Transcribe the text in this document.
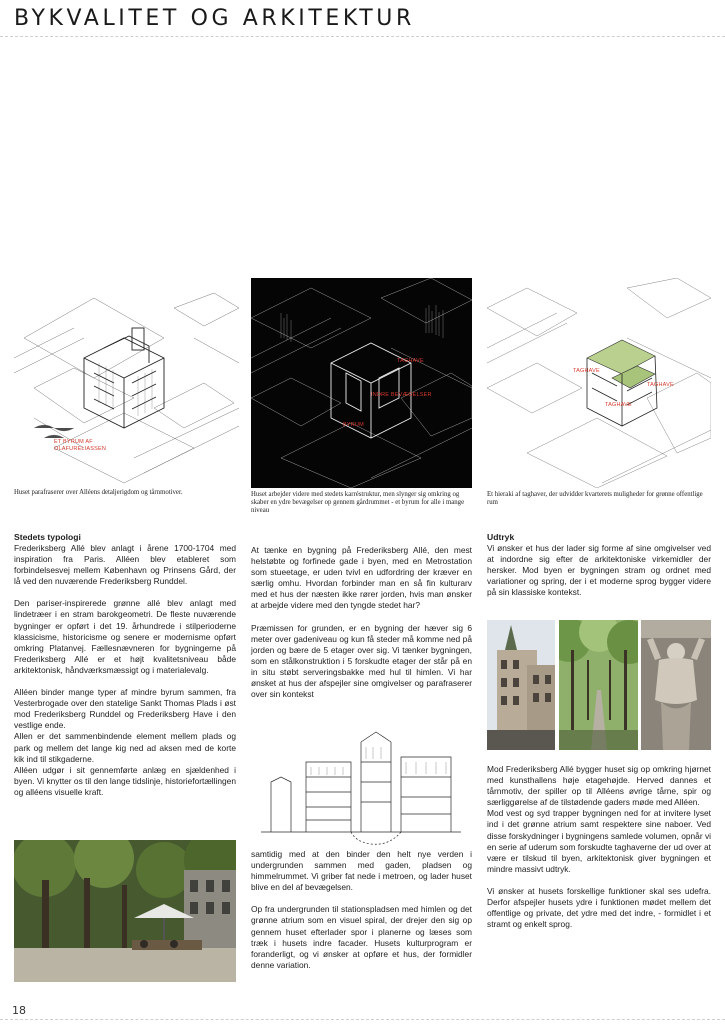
BYKVALITET OG ARKITEKTUR
ET BYRUM AF
OLAFURELIASSEN
Huset parafraserer over Alléens detaljerigdom og tårnmotiver.
TAGHAVE
INDRE BEVÆGELSER
BYRUM
Huset arbejder videre med stedets karréstruktur, men slynger sig omkring og skaber en ydre bevægelser op gennem gårdrummet - et byrum for alle i mange niveau
TAGHAVE
TAGHAVE
TAGHAVE
Et hieraki af taghaver, der udvidder kvarterets muligheder for grønne offentlige rum
Stedets typologi

Frederiksberg Allé blev anlagt i årene 1700-1704 med inspiration fra Paris. Alléen blev etableret som forbindelsesvej mellem København og Prinsens Gård, der lå ved den nuværende Frederiksberg Runddel.

Den pariser-inspirerede grønne allé blev anlagt med lindetræer i en stram barokgeometri. De fleste nuværende bygninger er opført i det 19. århundrede i stilperioderne klassicisme, historicisme og senere er modernisme opført omkring Platanvej. Fællesnævneren for bygningerne på Frederiksberg Allé er et højt kvalitetsniveau både arkitektonisk, håndværksmæssigt og i materialevalg.

Alléen binder mange typer af mindre byrum sammen, fra Vesterbrogade over den statelige Sankt Thomas Plads i øst mod Frederiksberg Runddel og Frederiksberg Have i den vestlige ende.

Allen er det sammenbindende element mellem plads og park og mellem det lange kig ned ad aksen med de korte kik ind til stikgaderne.

Alléen udgør i sit gennemførte anlæg en sjældenhed i byen. Vi knytter os til den lange tidslinje, historiefortællingen og alléens visuelle kraft.

At tænke en bygning på Frederiksberg Allé, den mest helstøbte og forfinede gade i byen, med en Metrostation som stueetage, er uden tvivl en udfordring der kræver en særlig omhu. Hvordan forbinder man en så fin kulturarv med et hus der næsten ikke rører jorden, hvis man ønsker at arbejde videre med den tyngde stedet har?

Præmissen for grunden, er en bygning der hæver sig 6 meter over gadeniveau og kun få steder må komme ned på jorden og bære de 5 etager over sig. Vi tænker bygningen, som en stålkonstruktion i 5 forskudte etager der står på en in situ støbt serveringsbakke med hul til himlen. Vi har ønsket at hus der afspejler sine omgivelser og parafraserer over sin kontekst

samtidig med at den binder den helt nye verden i undergrunden sammen med gaden, pladsen og himmelrummet. Vi griber fat nede i metroen, og lader huset blive en del af bevægelsen.

Op fra undergrunden til stationspladsen med himlen og det grønne atrium som en visuel spiral, der drejer den sig op gennem huset efterlader spor i planerne og læses som træk i husets indre facader. Husets kulturprogram er foranderligt, og vi ønsker at opføre et hus, der formidler denne variation.

Udtryk

Vi ønsker et hus der lader sig forme af sine omgivelser ved at indordne sig efter de arkitektoniske virkemidler der hersker. Mod byen er bygningen stram og ordnet med variationer og spring, der i et moderne sprog bygger videre på sin klassiske kontekst.

Mod Frederiksberg Allé bygger huset sig op omkring hjørnet med kunsthallens høje etagehøjde. Herved dannes et tårnmotiv, der spiller op til Alléens øvrige tårne, spir og særliggørelse af de tilstødende gaders møde med Alléen.

Mod vest og syd trapper bygningen ned for at invitere lyset ind i det grønne atrium samt respektere sine naboer. Ved disse forskydninger i bygningens samlede volumen, opnår vi en serie af uderum som forskudte taghaverne der ud over at være er tilskud til byen, arkitektonisk giver bygningen et mindre massivt udtryk.

Vi ønsker at husets forskellige funktioner skal ses udefra. Derfor afspejler husets ydre i funktionen mødet mellem det offentlige og private, det ydre med det indre, - formidlet i et stramt og enkelt sprog.

18
